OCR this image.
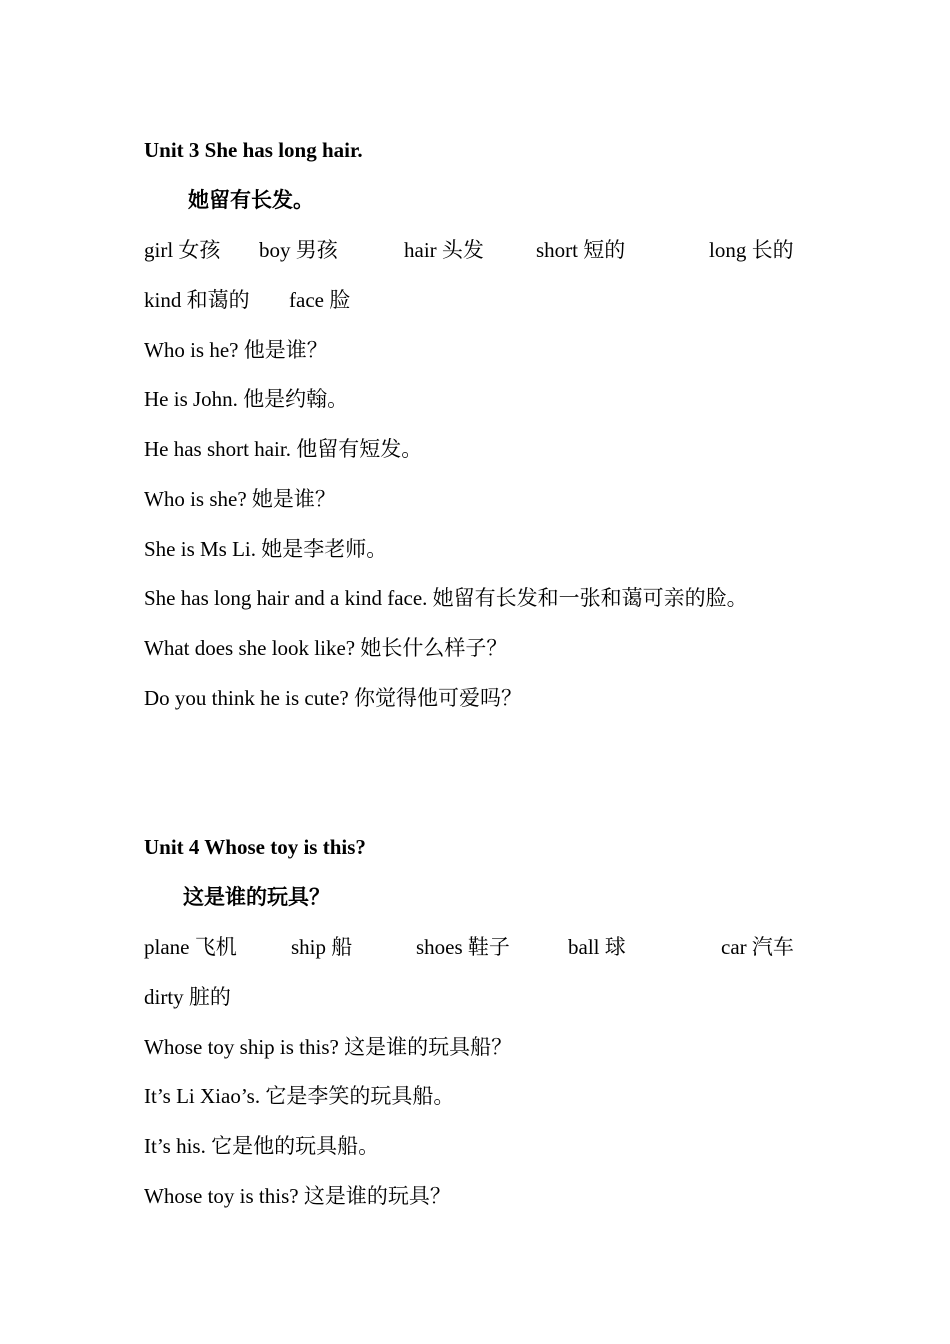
Unit 3 She has long hair.
她留有长发。
girl 女孩 boy 男孩	hair 头发 short 短的	long 长的
kind 和蔼的 face 脸
Who is he? 他是谁？
He is John. 他是约翰。
He has short hair. 他留有短发。
Who is she? 她是谁？
She is Ms Li. 她是李老师。
She has long hair and a kind face. 她留有长发和一张和蔼可亲的脸。
What does she look like? 她长什么样子？
Do you think he is cute? 你觉得他可爱吗？
Unit 4 Whose toy is this?
这是谁的玩具？
plane 飞机	ship 船	shoes 鞋子	ball 球	car 汽车
dirty 脏的
Whose toy ship is this? 这是谁的玩具船？
It’s Li Xiao’s. 它是李笑的玩具船。
It’s his. 它是他的玩具船。
Whose toy is this? 这是谁的玩具？
